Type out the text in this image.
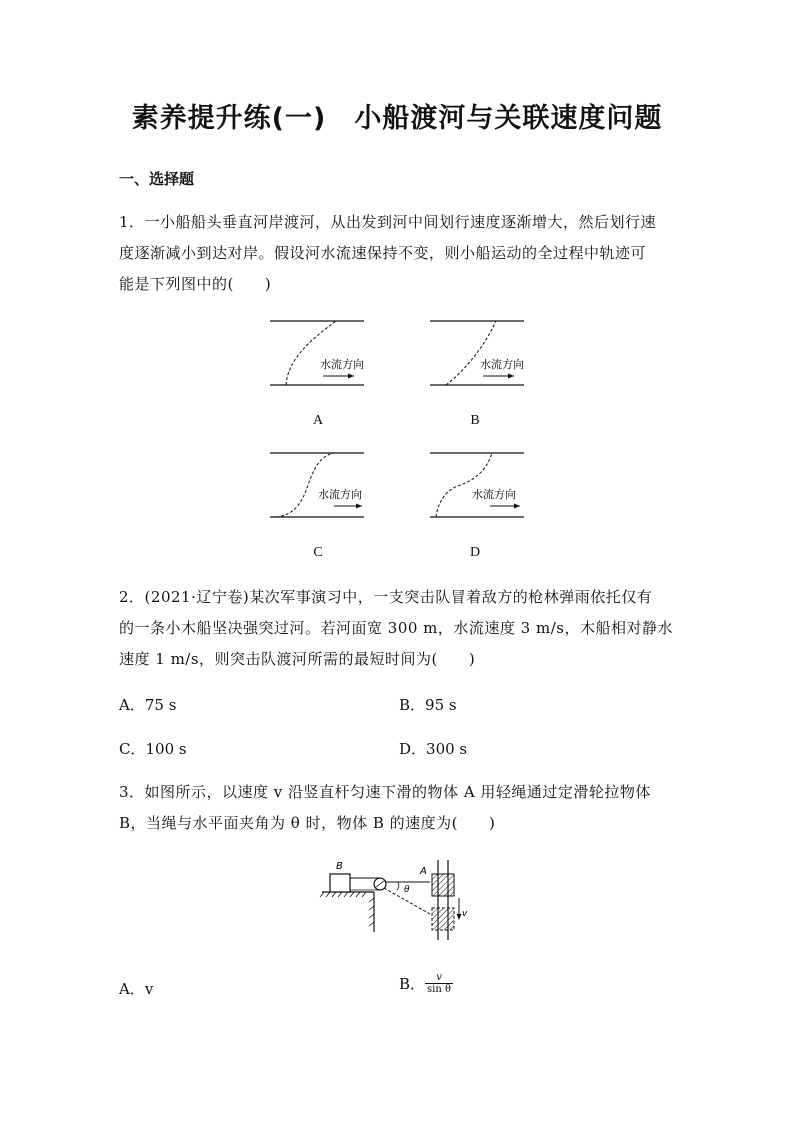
素养提升练(一)　小船渡河与关联速度问题
一、选择题
1．一小船船头垂直河岸渡河，从出发到河中间划行速度逐渐增大，然后划行速
度逐渐减小到达对岸。假设河水流速保持不变，则小船运动的全过程中轨迹可
能是下列图中的(　　)
水流方向	水流方向
A	B
水流方向	水流方向
C	D
2．(2021·辽宁卷)某次军事演习中，一支突击队冒着敌方的枪林弹雨依托仅有
的一条小木船坚决强突过河。若河面宽 300 m，水流速度 3 m/s，木船相对静水
速度 1 m/s，则突击队渡河所需的最短时间为(　　)
A．75 s	B．95 s
C．100 s	D．300 s
3．如图所示，以速度 v 沿竖直杆匀速下滑的物体 A 用轻绳通过定滑轮拉物体
B，当绳与水平面夹角为 θ 时，物体 B 的速度为(　　)
B
θ
A
v
A．v	B． $\frac{v}{\text{sin θ}}$
